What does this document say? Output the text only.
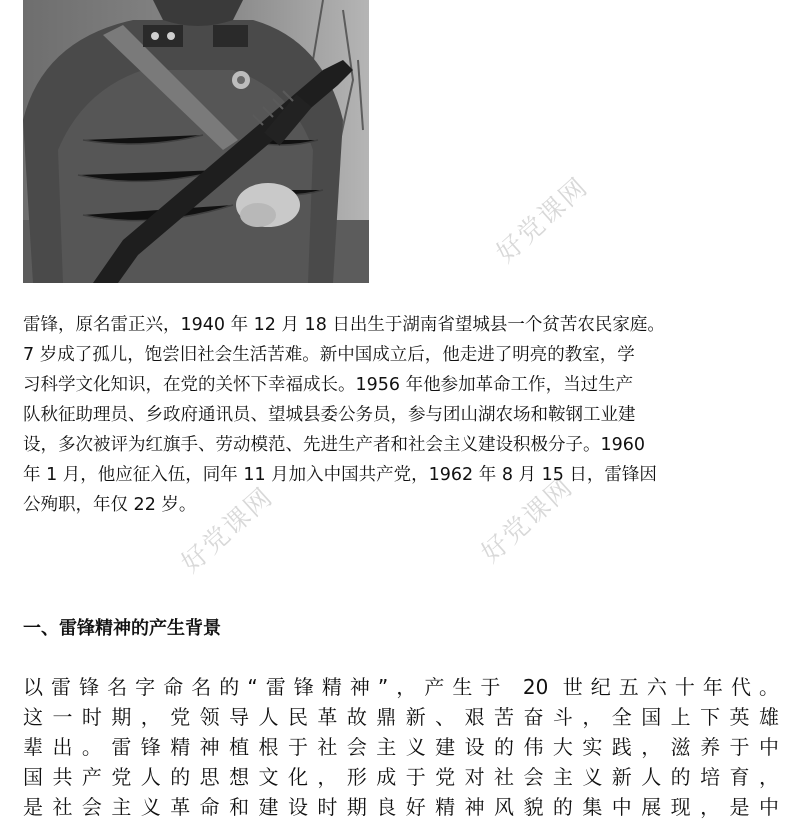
好党课网
好党课网	好党课网

雷锋，原名雷正兴，1940 年 12 月 18 日出生于湖南省望城县一个贫苦农民家庭。
7 岁成了孤儿，饱尝旧社会生活苦难。新中国成立后，他走进了明亮的教室，学
习科学文化知识，在党的关怀下幸福成长。1956 年他参加革命工作，当过生产
队秋征助理员、乡政府通讯员、望城县委公务员，参与团山湖农场和鞍钢工业建
设，多次被评为红旗手、劳动模范、先进生产者和社会主义建设积极分子。1960
年 1 月，他应征入伍，同年 11 月加入中国共产党，1962 年 8 月 15 日，雷锋因
公殉职，年仅 22 岁。

一、雷锋精神的产生背景

以雷锋名字命名的“雷锋精神”，产生于 20 世纪五六十年代。
这一时期，党领导人民革故鼎新、艰苦奋斗，全国上下英雄
辈出。雷锋精神植根于社会主义建设的伟大实践，滋养于中
国共产党人的思想文化，形成于党对社会主义新人的培育，
是社会主义革命和建设时期良好精神风貌的集中展现，是中
